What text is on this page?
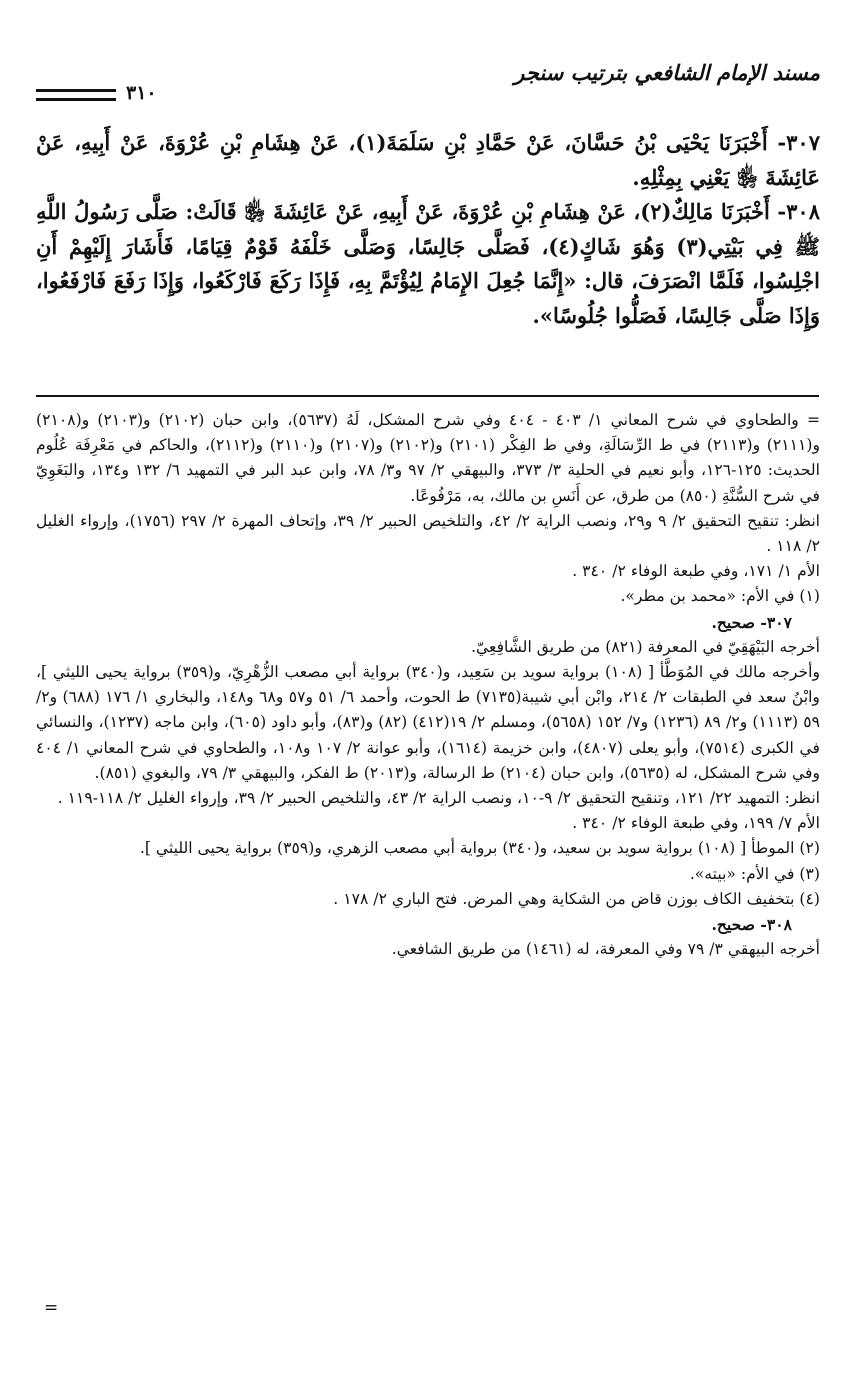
مسند الإمام الشافعي بترتيب سنجر
٣١٠

٣٠٧- أَخْبَرَنَا يَحْيَى بْنُ حَسَّانَ، عَنْ حَمَّادِ بْنِ سَلَمَةَ(١)، عَنْ هِشَامِ بْنِ عُرْوَةَ، عَنْ أَبِيهِ، عَنْ عَائِشَةَ ﵂ يَعْنِي بِمِثْلِهِ.

٣٠٨- أَخْبَرَنَا مَالِكٌ(٢)، عَنْ هِشَامِ بْنِ عُرْوَةَ، عَنْ أَبِيهِ، عَنْ عَائِشَةَ ﵂ قَالَتْ: صَلَّى رَسُولُ اللَّهِ ﷺ فِي بَيْتِي(٣) وَهُوَ شَاكٍ(٤)، فَصَلَّى جَالِسًا، وَصَلَّى خَلْفَهُ قَوْمٌ قِيَامًا، فَأَشَارَ إِلَيْهِمْ أَنِ اجْلِسُوا، فَلَمَّا انْصَرَفَ، قال: «إِنَّمَا جُعِلَ الإِمَامُ لِيُؤْتَمَّ بِهِ، فَإِذَا رَكَعَ فَارْكَعُوا، وَإِذَا رَفَعَ فَارْفَعُوا، وَإِذَا صَلَّى جَالِسًا، فَصَلُّوا جُلُوسًا».

= والطحاوي في شرح المعاني ١/ ٤٠٣ - ٤٠٤ وفي شرح المشكل، لَهُ (٥٦٣٧)، وابن حبان (٢١٠٢) و(٢١٠٣) و(٢١٠٨) و(٢١١١) و(٢١١٣) في ط الرِّسَالَةِ، وفي ط الفِكْر (٢١٠١) و(٢١٠٢) و(٢١٠٧) و(٢١١٠) و(٢١١٢)، والحاكم في مَعْرِفَة عُلُوم الحديث: ١٢٥-١٢٦، وأبو نعيم في الحلية ٣/ ٣٧٣، والبيهقي ٢/ ٩٧ و٣/ ٧٨، وابن عبد البر في التمهيد ٦/ ١٣٢ و١٣٤، والبَغَوِيّ في شرح السُّنَّةِ (٨٥٠) من طرق، عن أَنَسِ بن مالك، به، مَرْفُوعًا.

انظر: تنقيح التحقيق ٢/ ٩ و٢٩، ونصب الراية ٢/ ٤٢، والتلخيص الحبير ٢/ ٣٩، وإتحاف المهرة ٢/ ٢٩٧ (١٧٥٦)، وإرواء الغليل ٢/ ١١٨ .

الأم ١/ ١٧١، وفي طبعة الوفاء ٢/ ٣٤٠ .

(١) في الأم: «محمد بن مطر».

٣٠٧- صحيح.

أخرجه البَيْهَقِيّ في المعرفة (٨٢١) من طريق الشَّافِعِيّ.

وأخرجه مالك في المُوَطَّأ [ (١٠٨) برواية سويد بن سَعِيد، و(٣٤٠) برواية أبي مصعب الزُّهْرِيّ، و(٣٥٩) برواية يحيى الليثي ]، وابْنُ سعد في الطبقات ٢/ ٢١٤، وابْن أبي شيبة(٧١٣٥) ط الحوت، وأحمد ٦/ ٥١ و٥٧ و٦٨ و١٤٨، والبخاري ١/ ١٧٦ (٦٨٨) و٢/ ٥٩ (١١١٣) و٢/ ٨٩ (١٢٣٦) و٧/ ١٥٢ (٥٦٥٨)، ومسلم ٢/ ١٩(٤١٢) (٨٢) و(٨٣)، وأبو داود (٦٠٥)، وابن ماجه (١٢٣٧)، والنسائي في الكبرى (٧٥١٤)، وأبو يعلى (٤٨٠٧)، وابن خزيمة (١٦١٤)، وأبو عوانة ٢/ ١٠٧ و١٠٨، والطحاوي في شرح المعاني ١/ ٤٠٤ وفي شرح المشكل، له (٥٦٣٥)، وابن حبان (٢١٠٤) ط الرسالة، و(٢٠١٣) ط الفكر، والبيهقي ٣/ ٧٩، والبغوي (٨٥١).

انظر: التمهيد ٢٢/ ١٢١، وتنقيح التحقيق ٢/ ٩-١٠، ونصب الراية ٢/ ٤٣، والتلخيص الحبير ٢/ ٣٩، وإرواء الغليل ٢/ ١١٨-١١٩ .

الأم ٧/ ١٩٩، وفي طبعة الوفاء ٢/ ٣٤٠ .

(٢) الموطأ [ (١٠٨) برواية سويد بن سعيد، و(٣٤٠) برواية أبي مصعب الزهري، و(٣٥٩) برواية يحيى الليثي ].

(٣) في الأم: «بيته».

(٤) بتخفيف الكاف بوزن قاض من الشكاية وهي المرض. فتح الباري ٢/ ١٧٨ .

٣٠٨- صحيح.

أخرجه البيهقي ٣/ ٧٩ وفي المعرفة، له (١٤٦١) من طريق الشافعي.

=
